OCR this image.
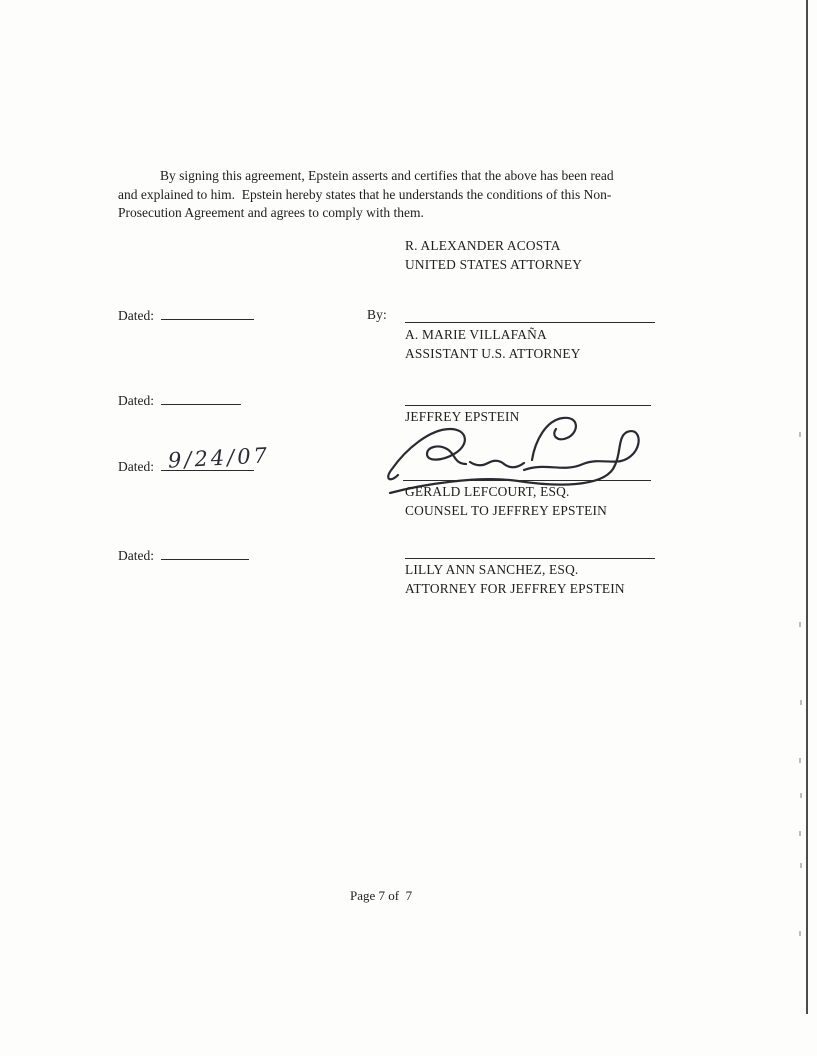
By signing this agreement, Epstein asserts and certifies that the above has been read
and explained to him.  Epstein hereby states that he understands the conditions of this Non-
Prosecution Agreement and agrees to comply with them.
R. ALEXANDER ACOSTA
UNITED STATES ATTORNEY
Dated:	By:
A. MARIE VILLAFAÑA
ASSISTANT U.S. ATTORNEY
Dated:
JEFFREY EPSTEIN
Dated: 9/24/07
GERALD LEFCOURT, ESQ.
COUNSEL TO JEFFREY EPSTEIN
Dated:
LILLY ANN SANCHEZ, ESQ.
ATTORNEY FOR JEFFREY EPSTEIN
Page 7 of  7
